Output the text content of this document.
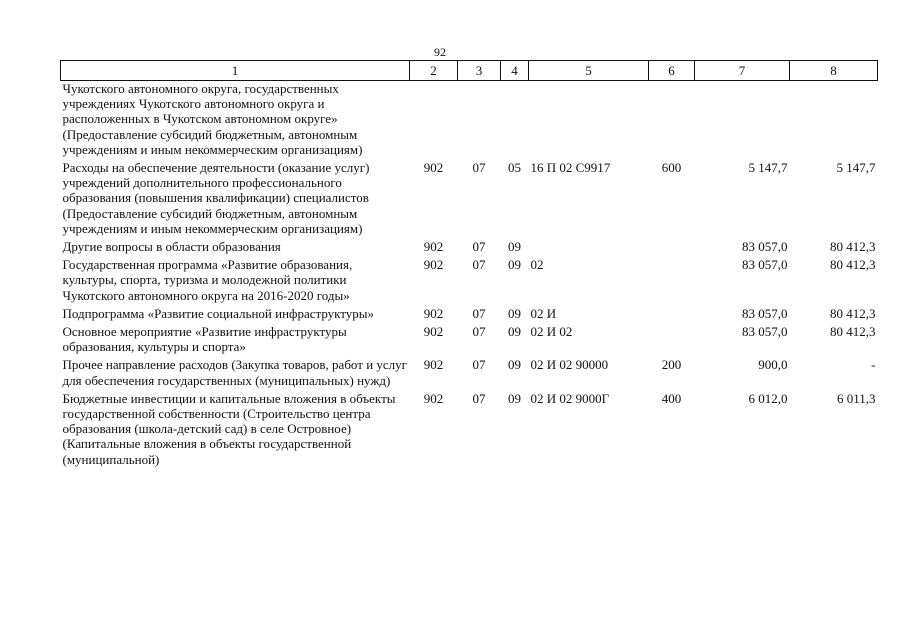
92
1	2	3	4	5	6	7	8
Чукотского автономного округа, государственных учреждениях Чукотского автономного округа и расположенных в Чукотском автономном округе» (Предоставление субсидий бюджетным, автономным учреждениям и иным некоммерческим организациям)							
Расходы на обеспечение деятельности (оказание услуг) учреждений дополнительного профессионального образования (повышения квалификации) специалистов (Предоставление субсидий бюджетным, автономным учреждениям и иным некоммерческим организациям)	902	07	05	16 П 02 С9917	600	5 147,7	5 147,7
Другие вопросы в области образования	902	07	09			83 057,0	80 412,3
Государственная программа «Развитие образования, культуры, спорта, туризма и молодежной политики Чукотского автономного округа на 2016-2020 годы»	902	07	09	02		83 057,0	80 412,3
Подпрограмма «Развитие социальной инфраструктуры»	902	07	09	02 И		83 057,0	80 412,3
Основное мероприятие «Развитие инфраструктуры образования, культуры и спорта»	902	07	09	02 И 02		83 057,0	80 412,3
Прочее направление расходов (Закупка товаров, работ и услуг для обеспечения государственных (муниципальных) нужд)	902	07	09	02 И 02 90000	200	900,0	-
Бюджетные инвестиции и капитальные вложения в объекты государственной собственности (Строительство центра образования (школа-детский сад) в селе Островное) (Капитальные вложения в объекты государственной (муниципальной)	902	07	09	02 И 02 9000Г	400	6 012,0	6 011,3
